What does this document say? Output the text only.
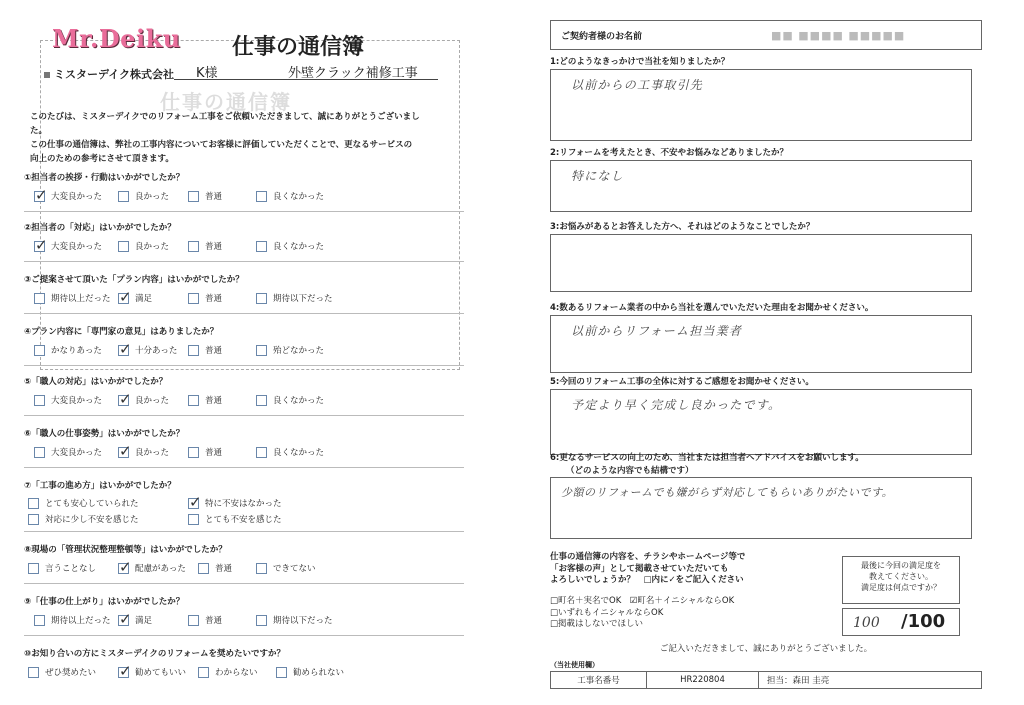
仕事の通信簿
Mr.Deiku 仕事の通信簿
ミスターデイク株式会社 K様	外壁クラック補修工事
このたびは、ミスターデイクでのリフォーム工事をご依頼いただきまして、誠にありがとうございました。
この仕事の通信簿は、弊社の工事内容についてお客様に評価していただくことで、更なるサービスの
向上のための参考にさせて頂きます。
①担当者の挨拶・行動はいかがでしたか？
✓
大変良かった	良かった	普通	良くなかった
②担当者の「対応」はいかがでしたか？
✓
大変良かった	良かった	普通	良くなかった
③ご提案させて頂いた「プラン内容」はいかがでしたか？
期待以上だった ✓	満足	普通	期待以下だった
④プラン内容に「専門家の意見」はありましたか？
かなりあった ✓	十分あった	普通	殆どなかった
⑤「職人の対応」はいかがでしたか？
大変良かった ✓	良かった	普通	良くなかった
⑥「職人の仕事姿勢」はいかがでしたか？
大変良かった ✓	良かった	普通	良くなかった
⑦「工事の進め方」はいかがでしたか？
とても安心していられた ✓	特に不安はなかった
対応に少し不安を感じた	とても不安を感じた
⑧現場の「管理状況整理整頓等」はいかがでしたか？
言うことなし ✓	配慮があった	普通	できてない
⑨「仕事の仕上がり」はいかがでしたか？
期待以上だった ✓	満足	普通	期待以下だった
⑩お知り合いの方にミスターデイクのリフォームを奨めたいですか？
ぜひ奨めたい ✓	勧めてもいい	わからない	勧められない
ご契約者様のお名前	■■ ■■■■ ■■■■■
1:どのようなきっかけで当社を知りましたか？
以前からの工事取引先
2:リフォームを考えたとき、不安やお悩みなどありましたか？
特になし
3:お悩みがあるとお答えした方へ、それはどのようなことでしたか？
4:数あるリフォーム業者の中から当社を選んでいただいた理由をお聞かせください。
以前からリフォーム担当業者
5:今回のリフォーム工事の全体に対するご感想をお聞かせください。
予定より早く完成し良かったです。
6:更なるサービスの向上のため、当社または担当者へアドバイスをお願いします。
（どのような内容でも結構です）
少額のリフォームでも嫌がらず対応してもらいありがたいです。
仕事の通信簿の内容を、チラシやホームページ等で
「お客様の声」として掲載させていただいても
よろしいでしょうか？　□内に✓をご記入ください
□町名＋実名でOK　☑町名＋イニシャルならOK
□いずれもイニシャルならOK
□掲載はしないでほしい
最後に今回の満足度を
教えてください。
満足度は何点ですか？
100 /100
ご記入いただきまして、誠にありがとうございました。
（当社使用欄）
工事名番号	HR220804	担当：森田 圭亮
